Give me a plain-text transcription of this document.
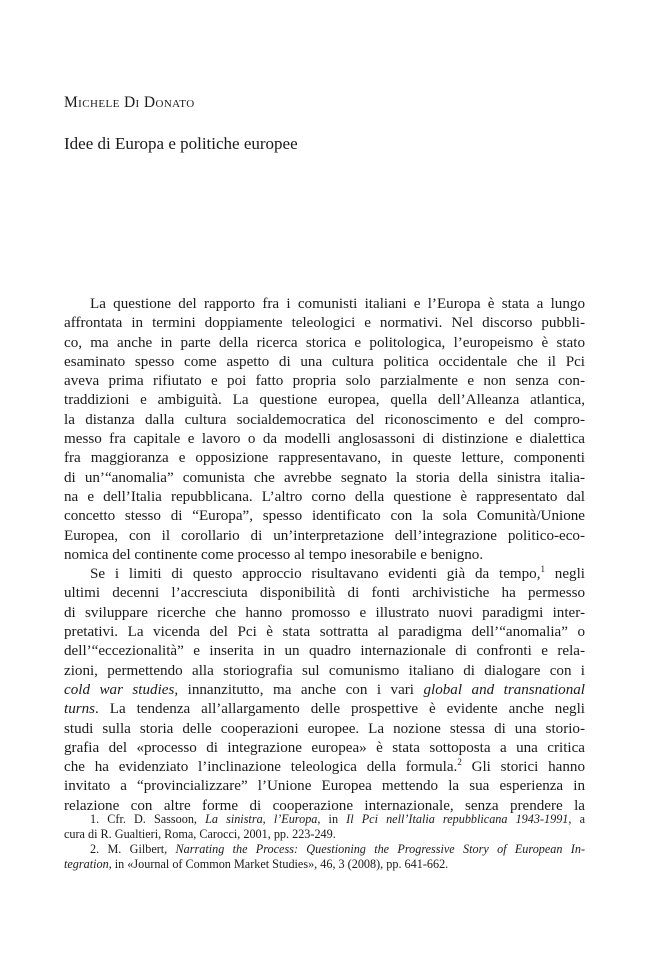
Michele Di Donato
Idee di Europa e politiche europee
La questione del rapporto fra i comunisti italiani e l’Europa è stata a lungo
affrontata in termini doppiamente teleologici e normativi. Nel discorso pubbli-
co, ma anche in parte della ricerca storica e politologica, l’europeismo è stato
esaminato spesso come aspetto di una cultura politica occidentale che il Pci
aveva prima rifiutato e poi fatto propria solo parzialmente e non senza con-
traddizioni e ambiguità. La questione europea, quella dell’Alleanza atlantica,
la distanza dalla cultura socialdemocratica del riconoscimento e del compro-
messo fra capitale e lavoro o da modelli anglosassoni di distinzione e dialettica
fra maggioranza e opposizione rappresentavano, in queste letture, componenti
di un’“anomalia” comunista che avrebbe segnato la storia della sinistra italia-
na e dell’Italia repubblicana. L’altro corno della questione è rappresentato dal
concetto stesso di “Europa”, spesso identificato con la sola Comunità/Unione
Europea, con il corollario di un’interpretazione dell’integrazione politico-eco-
nomica del continente come processo al tempo inesorabile e benigno.
Se i limiti di questo approccio risultavano evidenti già da tempo,$^1$ negli
ultimi decenni l’accresciuta disponibilità di fonti archivistiche ha permesso
di sviluppare ricerche che hanno promosso e illustrato nuovi paradigmi inter-
pretativi. La vicenda del Pci è stata sottratta al paradigma dell’“anomalia” o
dell’“eccezionalità” e inserita in un quadro internazionale di confronti e rela-
zioni, permettendo alla storiografia sul comunismo italiano di dialogare con i
cold war studies, innanzitutto, ma anche con i vari global and transnational
turns. La tendenza all’allargamento delle prospettive è evidente anche negli
studi sulla storia delle cooperazioni europee. La nozione stessa di una storio-
grafia del «processo di integrazione europea» è stata sottoposta a una critica
che ha evidenziato l’inclinazione teleologica della formula.$^2$ Gli storici hanno
invitato a “provincializzare” l’Unione Europea mettendo la sua esperienza in
relazione con altre forme di cooperazione internazionale, senza prendere la
1. Cfr. D. Sassoon, La sinistra, l’Europa, in Il Pci nell’Italia repubblicana 1943-1991, a
cura di R. Gualtieri, Roma, Carocci, 2001, pp. 223-249.
2. M. Gilbert, Narrating the Process: Questioning the Progressive Story of European In-
tegration, in «Journal of Common Market Studies», 46, 3 (2008), pp. 641-662.
